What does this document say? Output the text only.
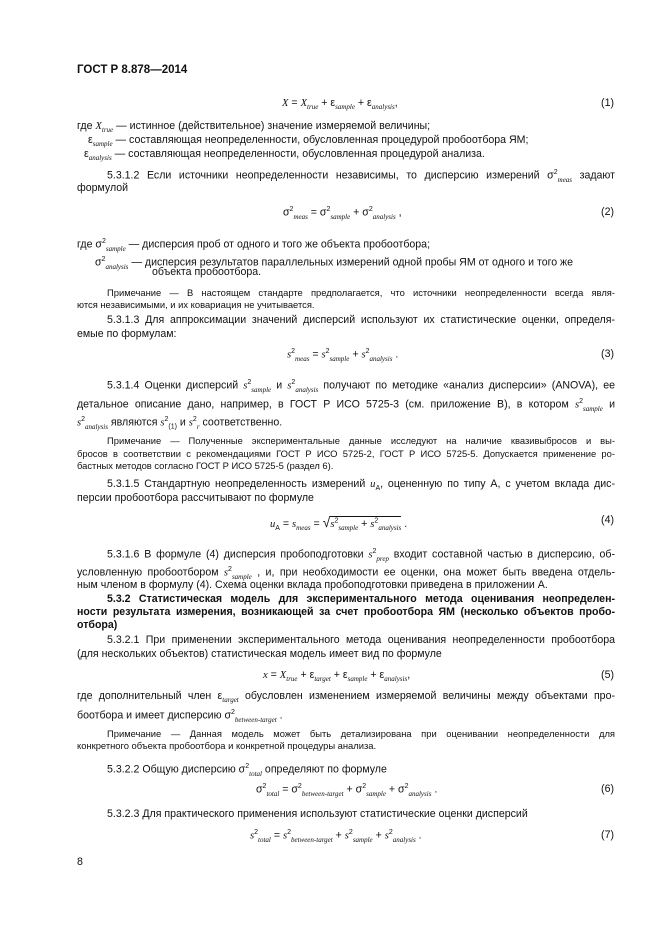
ГОСТ Р 8.878—2014
$X = X_{true} + \varepsilon_{sample} + \varepsilon_{analysis}$,	(1)
где $X_{true}$ — истинное (действительное) значение измеряемой величины;
$\varepsilon_{sample}$ — составляющая неопределенности, обусловленная процедурой пробоотбора ЯМ;
$\varepsilon_{analysis}$ — составляющая неопределенности, обусловленная процедурой анализа.
5.3.1.2 Если источники неопределенности независимы, то дисперсию измерений $\sigma^2_{meas}$ задают
формулой
$\sigma^2_{meas} = \sigma^2_{sample} + \sigma^2_{analysis}$ ,	(2)
где $\sigma^2_{sample}$ — дисперсия проб от одного и того же объекта пробоотбора;
$\sigma^2_{analysis}$ — дисперсия результатов параллельных измерений одной пробы ЯМ от одного и того же
объекта пробоотбора.
Примечание — В настоящем стандарте предполагается, что источники неопределенности всегда явля-
ются независимыми, и их ковариация не учитывается.
5.3.1.3 Для аппроксимации значений дисперсий используют их статистические оценки, определя-
емые по формулам:
$s^2_{meas} = s^2_{sample} + s^2_{analysis}$ .	(3)
5.3.1.4 Оценки дисперсий $s^2_{sample}$ и $s^2_{analysis}$ получают по методике «анализ дисперсии» (ANOVA), ее
детальное описание дано, например, в ГОСТ Р ИСО 5725-3 (см. приложение В), в котором $s^2_{sample}$ и
$s^2_{analysis}$ являются $s^2_{(1)}$ и $s^2_r$ соответственно.
Примечание — Полученные экспериментальные данные исследуют на наличие квазивыбросов и вы-
бросов в соответствии с рекомендациями ГОСТ Р ИСО 5725-2, ГОСТ Р ИСО 5725-5. Допускается применение ро-
бастных методов согласно ГОСТ Р ИСО 5725-5 (раздел 6).
5.3.1.5 Стандартную неопределенность измерений $u_A$, оцененную по типу А, с учетом вклада дис-
персии пробоотбора рассчитывают по формуле
$u_A = s_{meas} = √s^2_{sample} + s^2_{analysis}$ .	(4)
5.3.1.6 В формуле (4) дисперсия пробоподготовки $s^2_{prep}$ входит составной частью в дисперсию, об-
условленную пробоотбором $s^2_{sample}$ , и, при необходимости ее оценки, она может быть введена отдель-
ным членом в формулу (4). Схема оценки вклада пробоподготовки приведена в приложении А.
5.3.2 Статистическая модель для экспериментального метода оценивания неопределен-
ности результата измерения, возникающей за счет пробоотбора ЯМ (несколько объектов пробо-
отбора)
5.3.2.1 При применении экспериментального метода оценивания неопределенности пробоотбора
(для нескольких объектов) статистическая модель имеет вид по формуле
$x = X_{true} + \varepsilon_{target} + \varepsilon_{sample} + \varepsilon_{analysis}$,	(5)
где дополнительный член $\varepsilon_{target}$ обусловлен изменением измеряемой величины между объектами про-
боотбора и имеет дисперсию $\sigma^2_{between-target}$ .
Примечание — Данная модель может быть детализирована при оценивании неопределенности для
конкретного объекта пробоотбора и конкретной процедуры анализа.
5.3.2.2 Общую дисперсию $\sigma^2_{total}$ определяют по формуле
$\sigma^2_{total} = \sigma^2_{between-target} + \sigma^2_{sample} + \sigma^2_{analysis}$ .	(6)
5.3.2.3 Для практического применения используют статистические оценки дисперсий
$s^2_{total} = s^2_{between-target} + s^2_{sample} + s^2_{analysis}$ .	(7)
8
